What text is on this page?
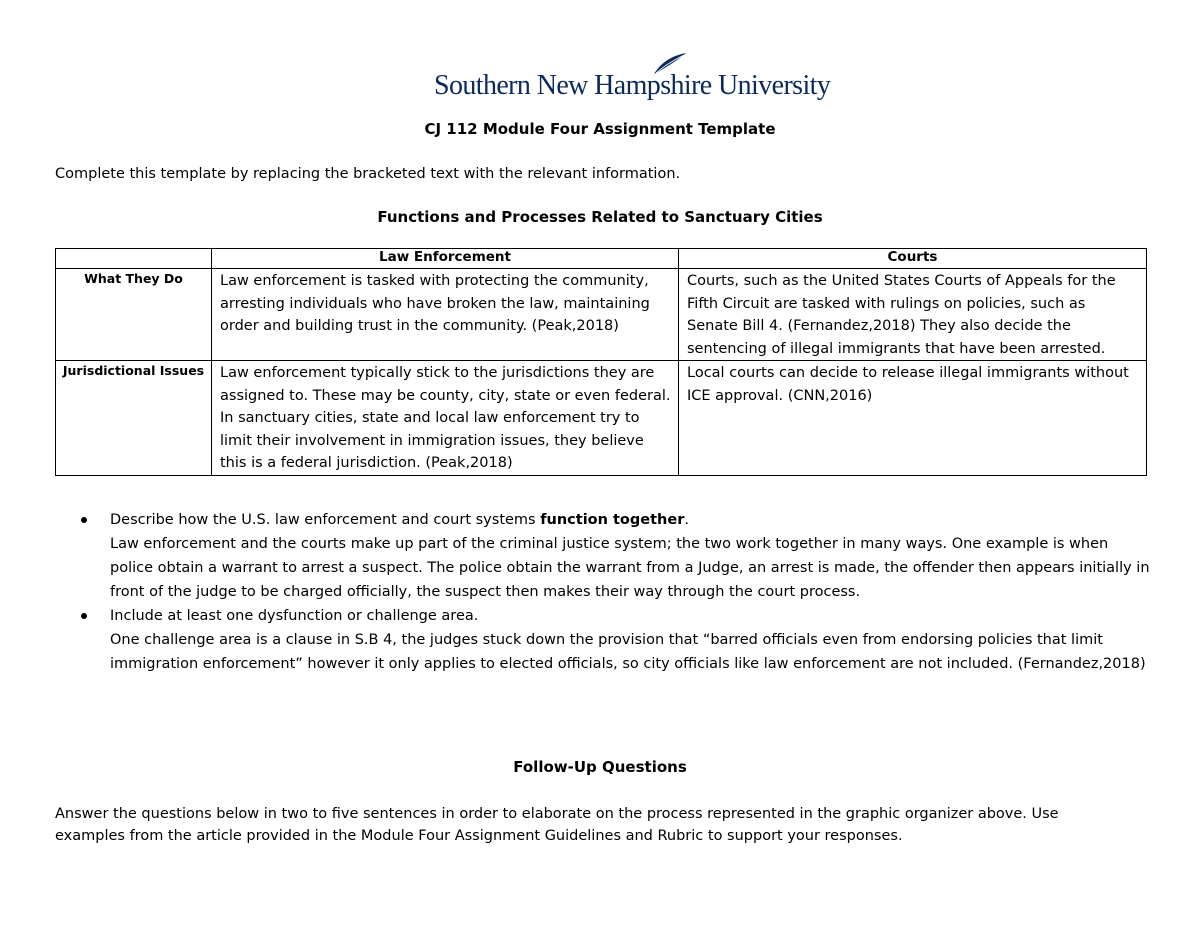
Southern New Hampshire University
CJ 112 Module Four Assignment Template
Complete this template by replacing the bracketed text with the relevant information.
Functions and Processes Related to Sanctuary Cities
	Law Enforcement	Courts
What They Do	Law enforcement is tasked with protecting the community, arresting individuals who have broken the law, maintaining order and building trust in the community. (Peak,2018)	Courts, such as the United States Courts of Appeals for the Fifth Circuit are tasked with rulings on policies, such as Senate Bill 4. (Fernandez,2018) They also decide the sentencing of illegal immigrants that have been arrested.
Jurisdictional Issues	Law enforcement typically stick to the jurisdictions they are assigned to. These may be county, city, state or even federal. In sanctuary cities, state and local law enforcement try to limit their involvement in immigration issues, they believe this is a federal jurisdiction. (Peak,2018)	Local courts can decide to release illegal immigrants without ICE approval. (CNN,2016)
Describe how the U.S. law enforcement and court systems function together.
Law enforcement and the courts make up part of the criminal justice system; the two work together in many ways. One example is when police obtain a warrant to arrest a suspect. The police obtain the warrant from a Judge, an arrest is made, the offender then appears initially in front of the judge to be charged officially, the suspect then makes their way through the court process.
Include at least one dysfunction or challenge area.
One challenge area is a clause in S.B 4, the judges stuck down the provision that “barred officials even from endorsing policies that limit immigration enforcement” however it only applies to elected officials, so city officials like law enforcement are not included. (Fernandez,2018)
Follow-Up Questions
Answer the questions below in two to five sentences in order to elaborate on the process represented in the graphic organizer above. Use examples from the article provided in the Module Four Assignment Guidelines and Rubric to support your responses.
